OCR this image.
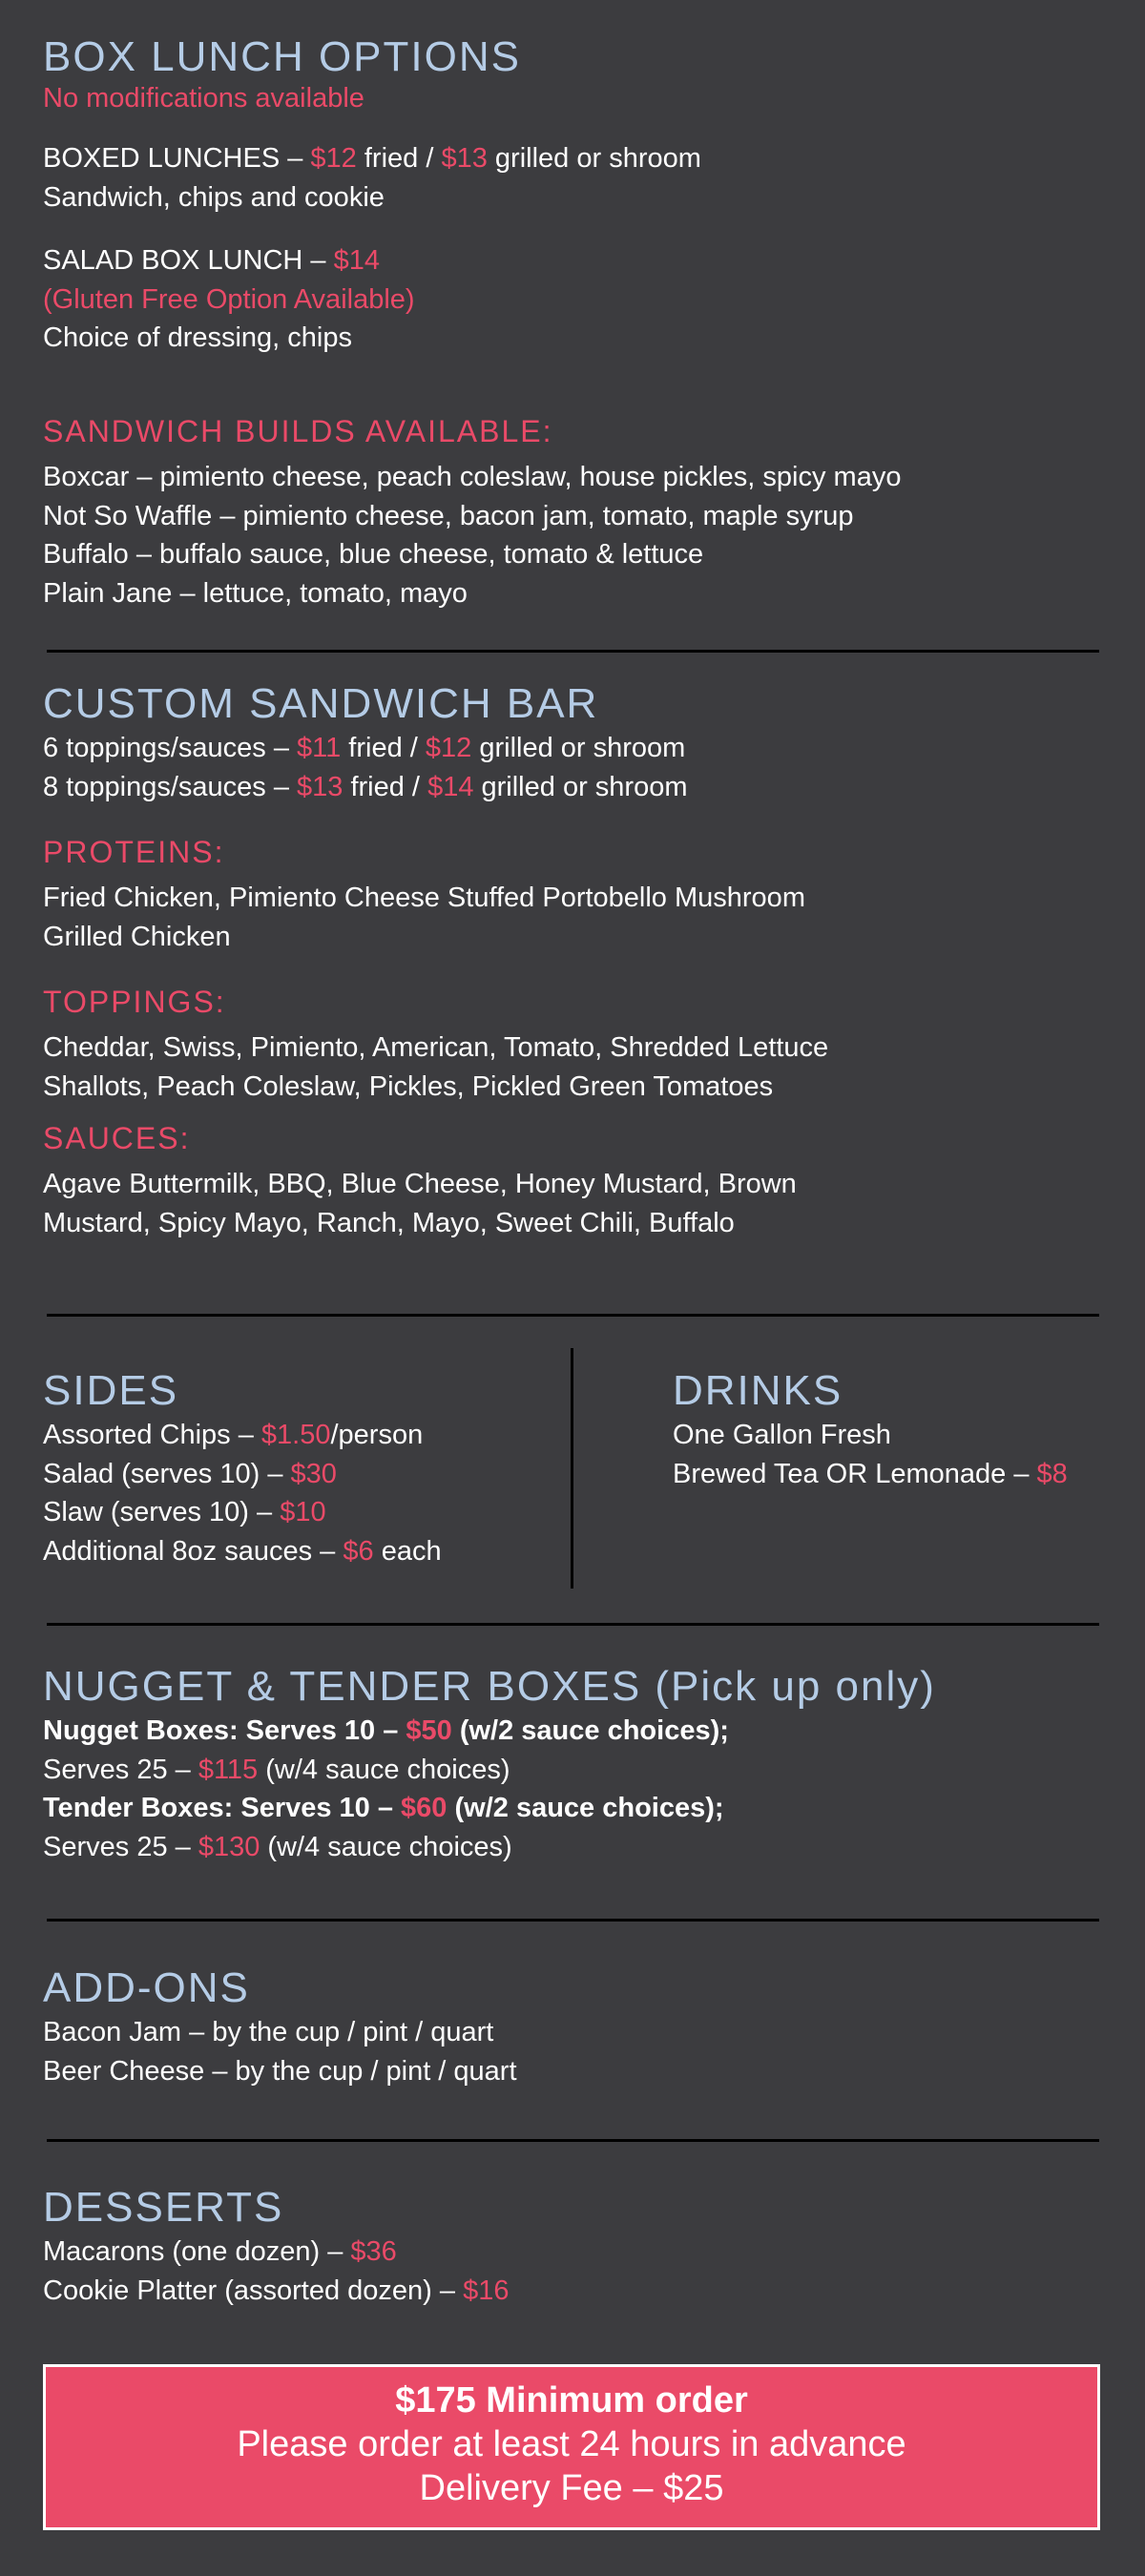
BOX LUNCH OPTIONS

No modifications available

BOXED LUNCHES – $12 fried / $13 grilled or shroom

Sandwich, chips and cookie

SALAD BOX LUNCH – $14

(Gluten Free Option Available)

Choice of dressing, chips

SANDWICH BUILDS AVAILABLE:

Boxcar – pimiento cheese, peach coleslaw, house pickles, spicy mayo

Not So Waffle – pimiento cheese, bacon jam, tomato, maple syrup

Buffalo – buffalo sauce, blue cheese, tomato & lettuce

Plain Jane – lettuce, tomato, mayo

CUSTOM SANDWICH BAR

6 toppings/sauces – $11 fried / $12 grilled or shroom

8 toppings/sauces – $13 fried / $14 grilled or shroom

PROTEINS:

Fried Chicken, Pimiento Cheese Stuffed Portobello Mushroom

Grilled Chicken

TOPPINGS:

Cheddar, Swiss, Pimiento, American, Tomato, Shredded Lettuce

Shallots, Peach Coleslaw, Pickles, Pickled Green Tomatoes

SAUCES:

Agave Buttermilk, BBQ, Blue Cheese, Honey Mustard, Brown

Mustard, Spicy Mayo, Ranch, Mayo, Sweet Chili, Buffalo

SIDES

Assorted Chips – $1.50/person

Salad (serves 10) – $30

Slaw (serves 10) – $10

Additional 8oz sauces – $6 each

DRINKS

One Gallon Fresh

Brewed Tea OR Lemonade – $8

NUGGET & TENDER BOXES (Pick up only)

Nugget Boxes: Serves 10 – $50 (w/2 sauce choices);

Serves 25 – $115 (w/4 sauce choices)

Tender Boxes: Serves 10 – $60 (w/2 sauce choices);

Serves 25 – $130 (w/4 sauce choices)

ADD-ONS

Bacon Jam – by the cup / pint / quart

Beer Cheese – by the cup / pint / quart

DESSERTS

Macarons (one dozen) – $36

Cookie Platter (assorted dozen) – $16

$175 Minimum order
Please order at least 24 hours in advance
Delivery Fee – $25
